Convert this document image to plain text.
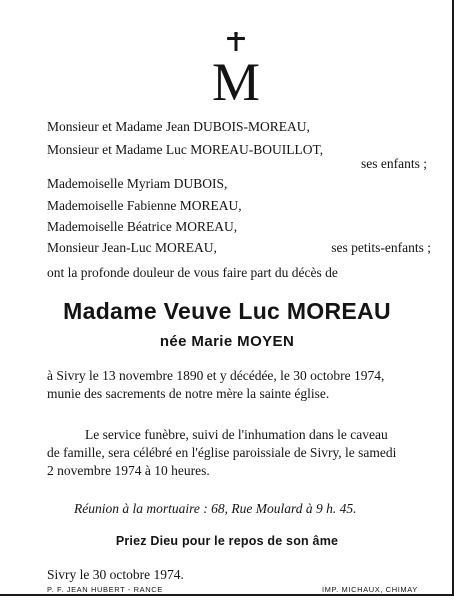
M
Monsieur et Madame Jean DUBOIS-MOREAU,
Monsieur et Madame Luc MOREAU-BOUILLOT,
ses enfants ;
Mademoiselle Myriam DUBOIS,
Mademoiselle Fabienne MOREAU,
Mademoiselle Béatrice MOREAU,
Monsieur Jean-Luc MOREAU,	ses petits-enfants ;
ont la profonde douleur de vous faire part du décès de
Madame Veuve Luc MOREAU
née Marie MOYEN
à Sivry le 13 novembre 1890 et y décédée, le 30 octobre 1974,
munie des sacrements de notre mère la sainte église.
Le service funèbre, suivi de l'inhumation dans le caveau
de famille, sera célébré en l'église paroissiale de Sivry, le samedi
2 novembre 1974 à 10 heures.
Réunion à la mortuaire : 68, Rue Moulard à 9 h. 45.
Priez Dieu pour le repos de son âme
Sivry le 30 octobre 1974.
P. F. JEAN HUBERT - RANCE	IMP. MICHAUX, CHIMAY
